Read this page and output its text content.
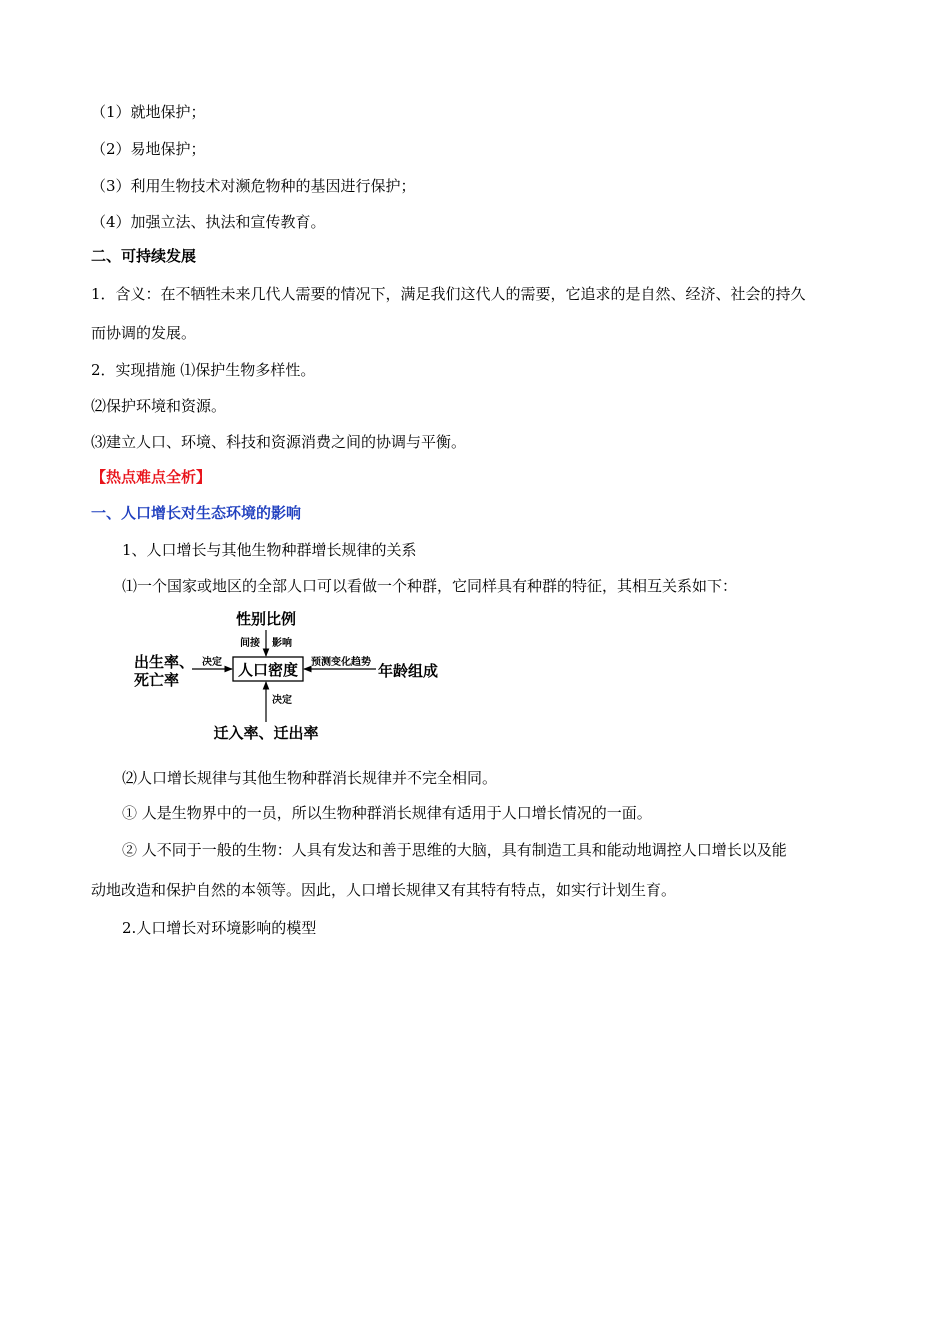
（1）就地保护；
（2）易地保护；
（3）利用生物技术对濒危物种的基因进行保护；
（4）加强立法、执法和宣传教育。
二、可持续发展
1．含义：在不牺牲未来几代人需要的情况下，满足我们这代人的需要，它追求的是自然、经济、社会的持久
而协调的发展。
2．实现措施 ⑴保护生物多样性。
⑵保护环境和资源。
⑶建立人口、环境、科技和资源消费之间的协调与平衡。
【热点难点全析】
一、人口增长对生态环境的影响
1、人口增长与其他生物种群增长规律的关系
⑴一个国家或地区的全部人口可以看做一个种群，它同样具有种群的特征，其相互关系如下：
人口密度
性别比例
间接 影响
出生率、
死亡率
决定	年龄组成
预测变化趋势
迁入率、迁出率
决定
⑵人口增长规律与其他生物种群消长规律并不完全相同。
① 人是生物界中的一员，所以生物种群消长规律有适用于人口增长情况的一面。
② 人不同于一般的生物：人具有发达和善于思维的大脑，具有制造工具和能动地调控人口增长以及能
动地改造和保护自然的本领等。因此，人口增长规律又有其特有特点，如实行计划生育。
2.人口增长对环境影响的模型
